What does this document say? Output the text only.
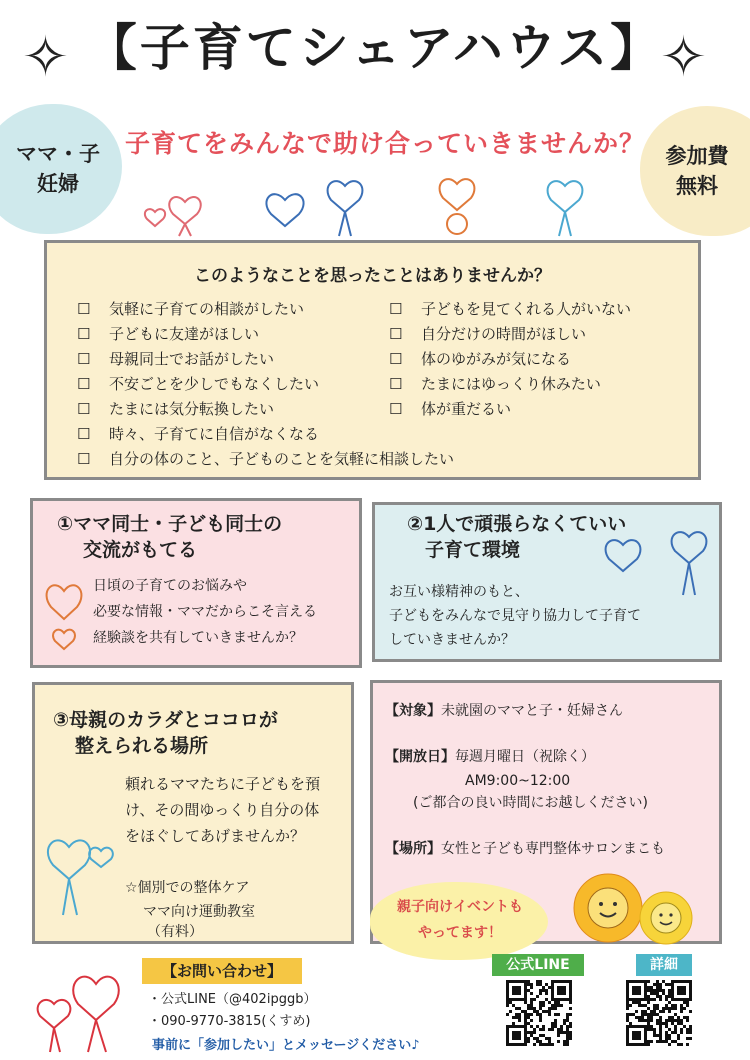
【子育てシェアハウス】
✧	✧
ママ・子
妊婦
参加費
無料
子育てをみんなで助け合っていきませんか？
このようなことを思ったことはありませんか？
☐ 気軽に子育ての相談がしたい
☐ 子どもに友達がほしい
☐ 母親同士でお話がしたい
☐ 不安ごとを少しでもなくしたい
☐ たまには気分転換したい
☐ 時々、子育てに自信がなくなる
☐ 自分の体のこと、子どものことを気軽に相談したい
☐ 子どもを見てくれる人がいない
☐ 自分だけの時間がほしい
☐ 体のゆがみが気になる
☐ たまにはゆっくり休みたい
☐ 体が重だるい
①ママ同士・子ども同士の
交流がもてる
日頃の子育てのお悩みや
必要な情報・ママだからこそ言える
経験談を共有していきませんか？
②1人で頑張らなくていい
子育て環境
お互い様精神のもと、
子どもをみんなで見守り協力して子育て
していきませんか？
③母親のカラダとココロが
整えられる場所
頼れるママたちに子どもを預
け、その間ゆっくり自分の体
をほぐしてあげませんか？
☆個別での整体ケア
ママ向け運動教室
（有料）
【対象】未就園のママと子・妊婦さん
【開放日】毎週月曜日（祝除く）
AM9:00~12:00
(ご都合の良い時間にお越しください)
【場所】女性と子ども専門整体サロンまこも
親子向けイベントも
やってます！
【お問い合わせ】
・公式LINE（@402ipggb）
・090-9770-3815(くすめ)
事前に「参加したい」とメッセージください♪
公式LINE	詳細
